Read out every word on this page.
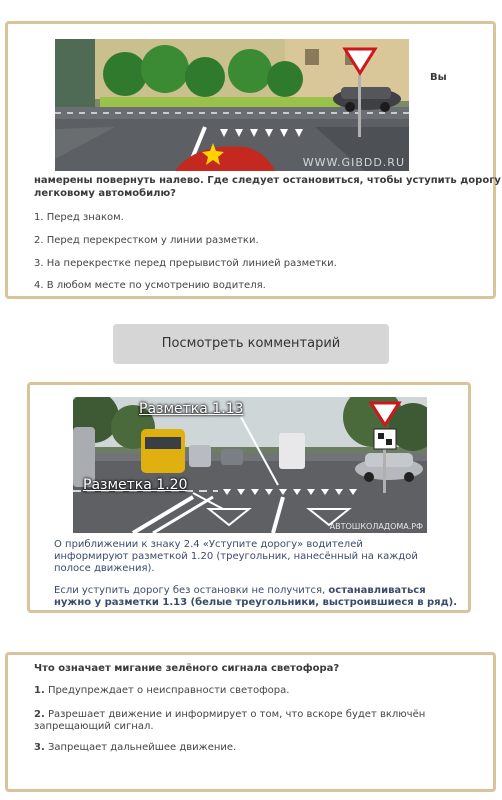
WWW.GIBDD.RU
Вы
намерены повернуть налево. Где следует остановиться, чтобы уступить дорогу
легковому автомобилю?
1. Перед знаком.
2. Перед перекрестком у линии разметки.
3. На перекрестке перед прерывистой линией разметки.
4. В любом месте по усмотрению водителя.
Посмотреть комментарий
Разметка 1.13
Разметка 1.20
АВТОШКОЛАДОМА.РФ
О приближении к знаку 2.4 «Уступите дорогу» водителей
информируют разметкой 1.20 (треугольник, нанесённый на каждой
полосе движения).
Если уступить дорогу без остановки не получится, останавливаться
нужно у разметки 1.13 (белые треугольники, выстроившиеся в ряд).
Что означает мигание зелёного сигнала светофора?
1. Предупреждает о неисправности светофора.
2. Разрешает движение и информирует о том, что вскоре будет включён
запрещающий сигнал.
3. Запрещает дальнейшее движение.
